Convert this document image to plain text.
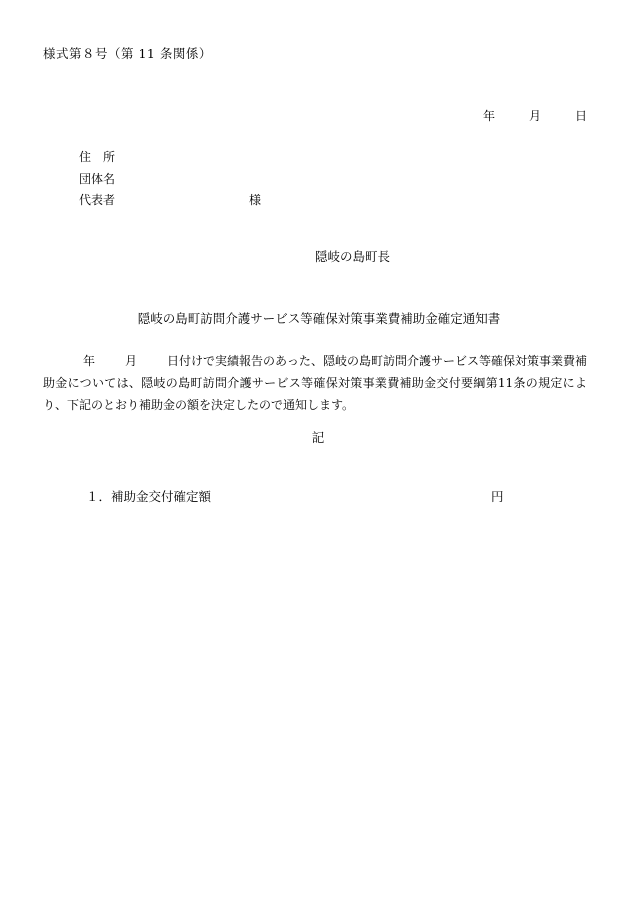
様式第８号（第 11 条関係）
年	月	日
住　所
団体名
代表者	様
隠岐の島町長
隠岐の島町訪問介護サービス等確保対策事業費補助金確定通知書
年	月	日付けで実績報告のあった、隠岐の島町訪問介護サービス等確保対策事業費補助金については、隠岐の島町訪問介護サービス等確保対策事業費補助金交付要綱第11条の規定により、下記のとおり補助金の額を決定したので通知します。
記
１．補助金交付確定額	円
